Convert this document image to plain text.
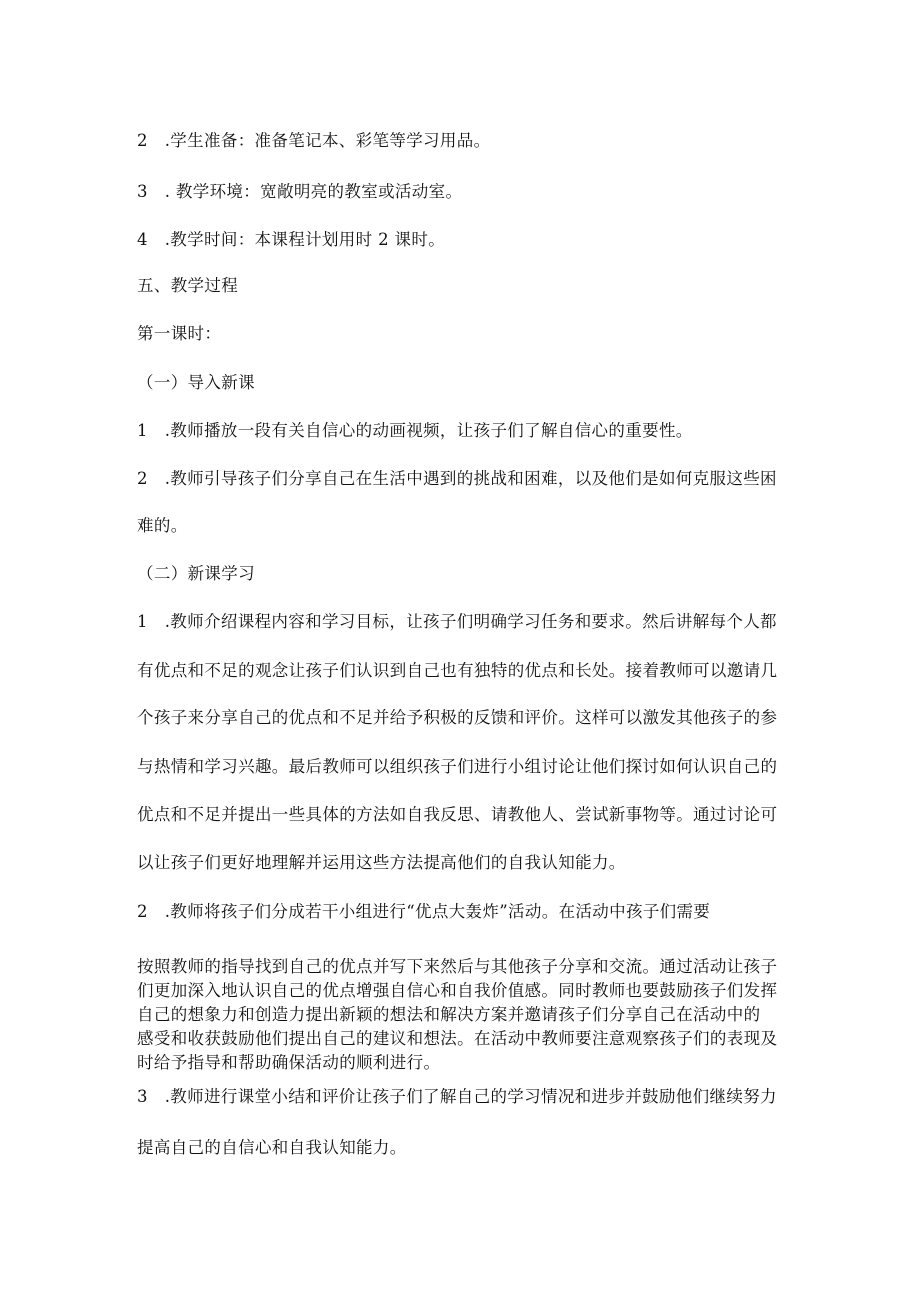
2　.学生准备：准备笔记本、彩笔等学习用品。
3　. 教学环境：宽敞明亮的教室或活动室。
4　.教学时间：本课程计划用时 2 课时。
五、教学过程
第一课时：
（一）导入新课
1　.教师播放一段有关自信心的动画视频，让孩子们了解自信心的重要性。
2　.教师引导孩子们分享自己在生活中遇到的挑战和困难，以及他们是如何克服这些困
难的。
（二）新课学习
1　.教师介绍课程内容和学习目标，让孩子们明确学习任务和要求。然后讲解每个人都
有优点和不足的观念让孩子们认识到自己也有独特的优点和长处。接着教师可以邀请几
个孩子来分享自己的优点和不足并给予积极的反馈和评价。这样可以激发其他孩子的参
与热情和学习兴趣。最后教师可以组织孩子们进行小组讨论让他们探讨如何认识自己的
优点和不足并提出一些具体的方法如自我反思、请教他人、尝试新事物等。通过讨论可
以让孩子们更好地理解并运用这些方法提高他们的自我认知能力。
2　.教师将孩子们分成若干小组进行“优点大轰炸”活动。在活动中孩子们需要
按照教师的指导找到自己的优点并写下来然后与其他孩子分享和交流。通过活动让孩子
们更加深入地认识自己的优点增强自信心和自我价值感。同时教师也要鼓励孩子们发挥
自己的想象力和创造力提出新颖的想法和解决方案并邀请孩子们分享自己在活动中的
感受和收获鼓励他们提出自己的建议和想法。在活动中教师要注意观察孩子们的表现及
时给予指导和帮助确保活动的顺利进行。
3　.教师进行课堂小结和评价让孩子们了解自己的学习情况和进步并鼓励他们继续努力
提高自己的自信心和自我认知能力。
